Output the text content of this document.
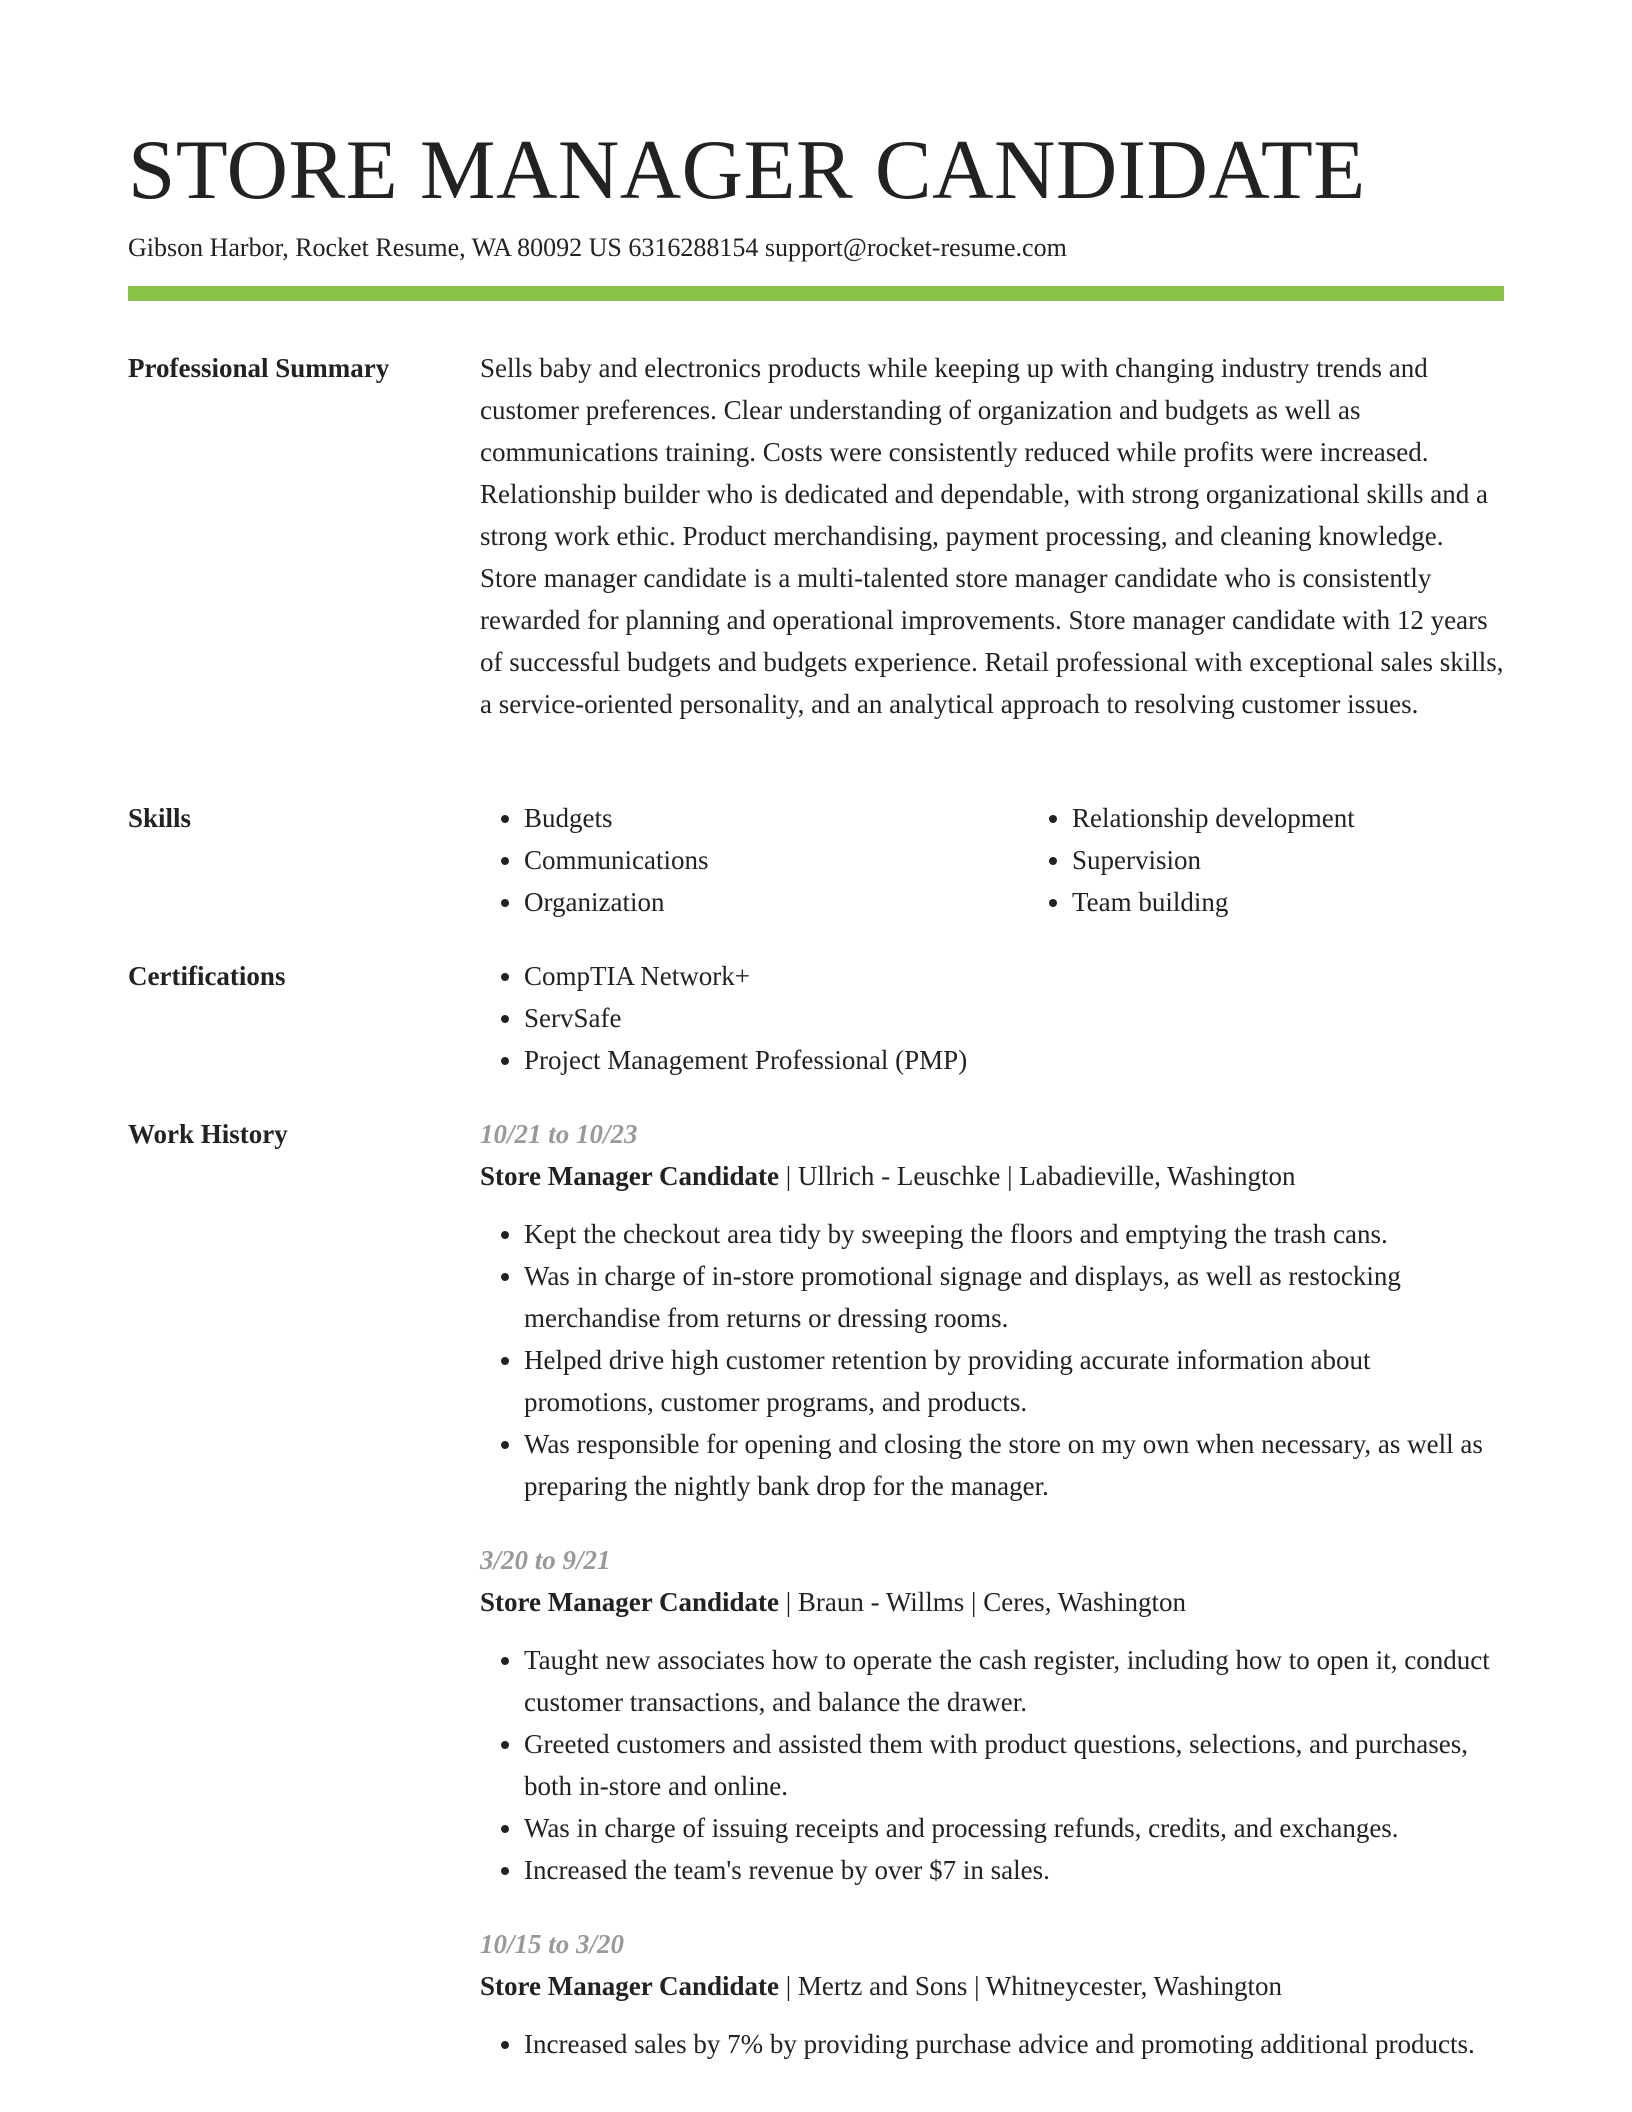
STORE MANAGER CANDIDATE

Gibson Harbor, Rocket Resume, WA 80092 US 6316288154 support@rocket-resume.com

Professional Summary	Sells baby and electronics products while keeping up with changing industry trends and customer preferences. Clear understanding of organization and budgets as well as communications training. Costs were consistently reduced while profits were increased. Relationship builder who is dedicated and dependable, with strong organizational skills and a strong work ethic. Product merchandising, payment processing, and cleaning knowledge. Store manager candidate is a multi-talented store manager candidate who is consistently rewarded for planning and operational improvements. Store manager candidate with 12 years of successful budgets and budgets experience. Retail professional with exceptional sales skills, a service-oriented personality, and an analytical approach to resolving customer issues.

Skills	• Budgets
• Communications
• Organization
• Relationship development
• Supervision
• Team building
Certifications	• CompTIA Network+
• ServSafe
• Project Management Professional (PMP)
Work History	10/21 to 10/23

Store Manager Candidate | Ullrich - Leuschke | Labadieville, Washington

• Kept the checkout area tidy by sweeping the floors and emptying the trash cans.
• Was in charge of in-store promotional signage and displays, as well as restocking merchandise from returns or dressing rooms.
• Helped drive high customer retention by providing accurate information about promotions, customer programs, and products.
• Was responsible for opening and closing the store on my own when necessary, as well as preparing the nightly bank drop for the manager.

3/20 to 9/21

Store Manager Candidate | Braun - Willms | Ceres, Washington

• Taught new associates how to operate the cash register, including how to open it, conduct customer transactions, and balance the drawer.
• Greeted customers and assisted them with product questions, selections, and purchases, both in-store and online.
• Was in charge of issuing receipts and processing refunds, credits, and exchanges.
• Increased the team's revenue by over $7 in sales.

10/15 to 3/20

Store Manager Candidate | Mertz and Sons | Whitneycester, Washington

• Increased sales by 7% by providing purchase advice and promoting additional products.
